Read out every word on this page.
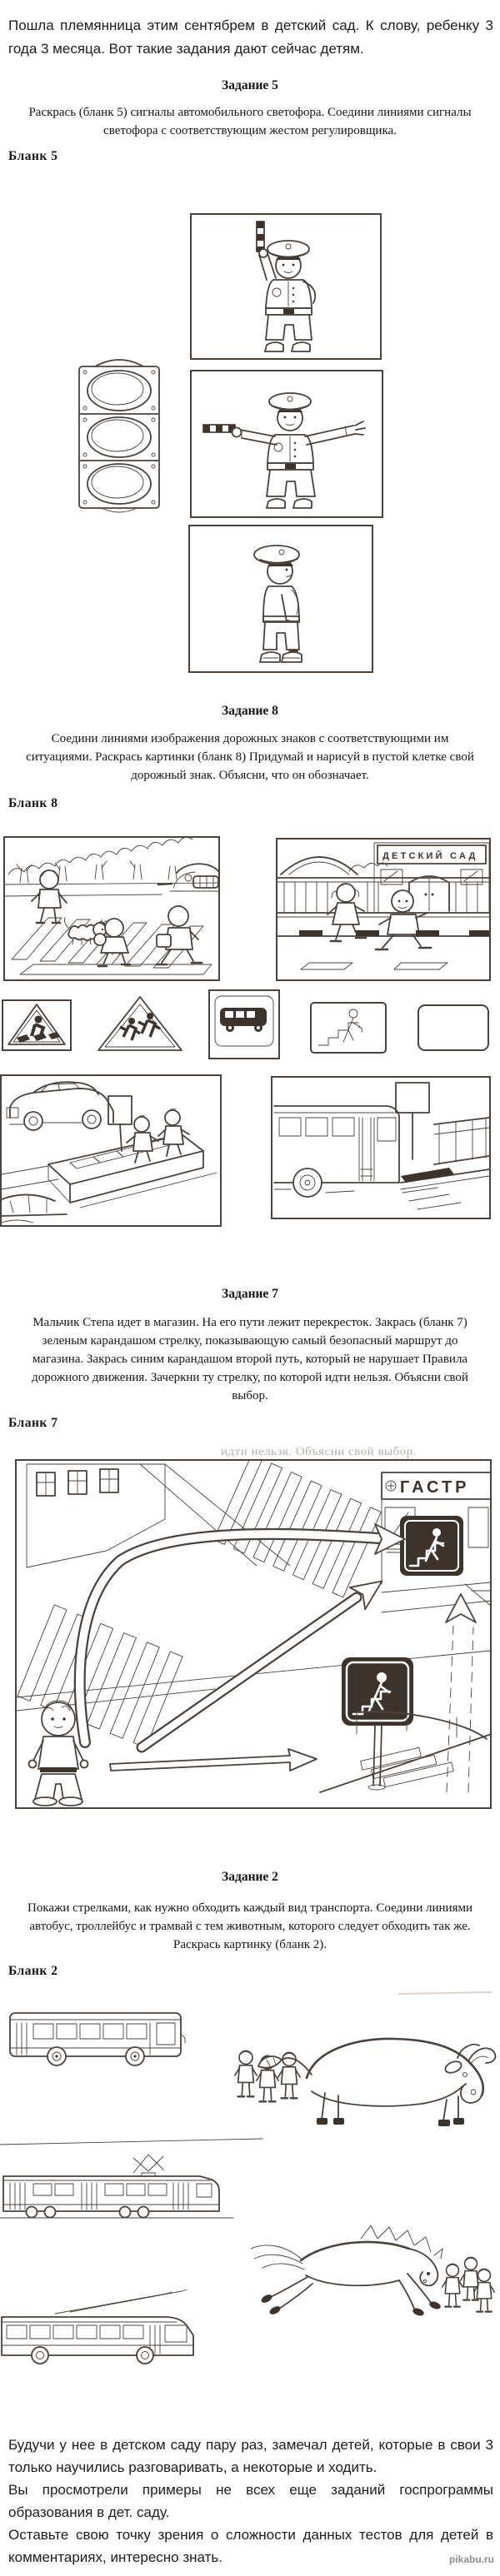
Пошла племянница этим сентябрем в детский сад. К слову, ребенку 3 года 3 месяца. Вот такие задания дают сейчас детям.
Задание 5
Раскрась (бланк 5) сигналы автомобильного светофора. Соедини линиями сигналы светофора с соответствующим жестом регулировщика.
Бланк 5
Задание 8
Соедини линиями изображения дорожных знаков с соответствующими им ситуациями. Раскрась картинки (бланк 8) Придумай и нарисуй в пустой клетке свой дорожный знак. Объясни, что он обозначает.
Бланк 8
ДЕТСКИЙ САД
Задание 7
Мальчик Степа идет в магазин. На его пути лежит перекресток. Закрась (бланк 7) зеленым карандашом стрелку, показывающую самый безопасный маршрут до магазина. Закрась синим карандашом второй путь, который не нарушает Правила дорожного движения. Зачеркни ту стрелку, по которой идти нельзя. Объясни свой выбор.
Бланк 7
идти нельзя. Объясни свой выбор.
ГАСТР
Задание 2
Покажи стрелками, как нужно обходить каждый вид транспорта. Соедини линиями автобус, троллейбус и трамвай с тем животным, которого следует обходить так же. Раскрась картинку (бланк 2).
Бланк 2

Будучи у нее в детском саду пару раз, замечал детей, которые в свои 3 только научились разговаривать, а некоторые и ходить.

Вы просмотрели примеры не всех еще заданий госпрограммы образования в дет. саду.

Оставьте свою точку зрения о сложности данных тестов для детей в комментариях, интересно знать.	pikabu.ru
